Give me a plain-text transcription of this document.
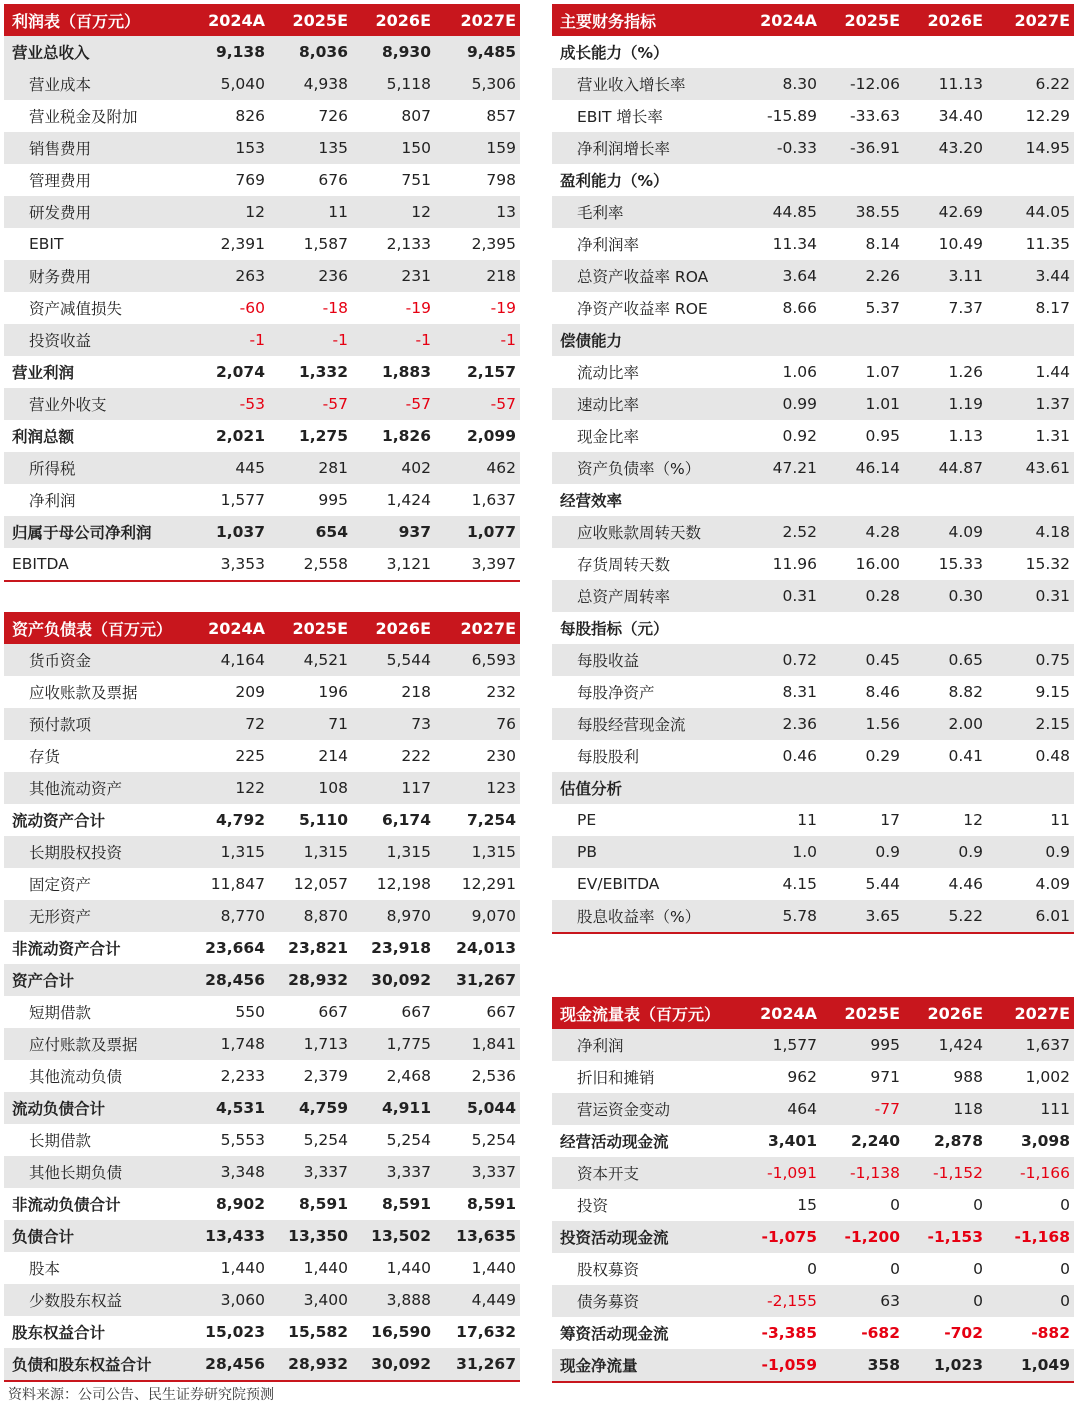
利润表（百万元）	2024A	2025E	2026E	2027E
营业总收入	9,138	8,036	8,930	9,485
营业成本	5,040	4,938	5,118	5,306
营业税金及附加	826	726	807	857
销售费用	153	135	150	159
管理费用	769	676	751	798
研发费用	12	11	12	13
EBIT	2,391	1,587	2,133	2,395
财务费用	263	236	231	218
资产减值损失	-60	-18	-19	-19
投资收益	-1	-1	-1	-1
营业利润	2,074	1,332	1,883	2,157
营业外收支	-53	-57	-57	-57
利润总额	2,021	1,275	1,826	2,099
所得税	445	281	402	462
净利润	1,577	995	1,424	1,637
归属于母公司净利润	1,037	654	937	1,077
EBITDA	3,353	2,558	3,121	3,397
资产负债表（百万元）	2024A	2025E	2026E	2027E
货币资金	4,164	4,521	5,544	6,593
应收账款及票据	209	196	218	232
预付款项	72	71	73	76
存货	225	214	222	230
其他流动资产	122	108	117	123
流动资产合计	4,792	5,110	6,174	7,254
长期股权投资	1,315	1,315	1,315	1,315
固定资产	11,847	12,057	12,198	12,291
无形资产	8,770	8,870	8,970	9,070
非流动资产合计	23,664	23,821	23,918	24,013
资产合计	28,456	28,932	30,092	31,267
短期借款	550	667	667	667
应付账款及票据	1,748	1,713	1,775	1,841
其他流动负债	2,233	2,379	2,468	2,536
流动负债合计	4,531	4,759	4,911	5,044
长期借款	5,553	5,254	5,254	5,254
其他长期负债	3,348	3,337	3,337	3,337
非流动负债合计	8,902	8,591	8,591	8,591
负债合计	13,433	13,350	13,502	13,635
股本	1,440	1,440	1,440	1,440
少数股东权益	3,060	3,400	3,888	4,449
股东权益合计	15,023	15,582	16,590	17,632
负债和股东权益合计	28,456	28,932	30,092	31,267
主要财务指标	2024A	2025E	2026E	2027E
成长能力（%）				
营业收入增长率	8.30	-12.06	11.13	6.22
EBIT 增长率	-15.89	-33.63	34.40	12.29
净利润增长率	-0.33	-36.91	43.20	14.95
盈利能力（%）				
毛利率	44.85	38.55	42.69	44.05
净利润率	11.34	8.14	10.49	11.35
总资产收益率 ROA	3.64	2.26	3.11	3.44
净资产收益率 ROE	8.66	5.37	7.37	8.17
偿债能力				
流动比率	1.06	1.07	1.26	1.44
速动比率	0.99	1.01	1.19	1.37
现金比率	0.92	0.95	1.13	1.31
资产负债率（%）	47.21	46.14	44.87	43.61
经营效率				
应收账款周转天数	2.52	4.28	4.09	4.18
存货周转天数	11.96	16.00	15.33	15.32
总资产周转率	0.31	0.28	0.30	0.31
每股指标（元）				
每股收益	0.72	0.45	0.65	0.75
每股净资产	8.31	8.46	8.82	9.15
每股经营现金流	2.36	1.56	2.00	2.15
每股股利	0.46	0.29	0.41	0.48
估值分析				
PE	11	17	12	11
PB	1.0	0.9	0.9	0.9
EV/EBITDA	4.15	5.44	4.46	4.09
股息收益率（%）	5.78	3.65	5.22	6.01
现金流量表（百万元）	2024A	2025E	2026E	2027E
净利润	1,577	995	1,424	1,637
折旧和摊销	962	971	988	1,002
营运资金变动	464	-77	118	111
经营活动现金流	3,401	2,240	2,878	3,098
资本开支	-1,091	-1,138	-1,152	-1,166
投资	15	0	0	0
投资活动现金流	-1,075	-1,200	-1,153	-1,168
股权募资	0	0	0	0
债务募资	-2,155	63	0	0
筹资活动现金流	-3,385	-682	-702	-882
现金净流量	-1,059	358	1,023	1,049
资料来源：公司公告、民生证券研究院预测
